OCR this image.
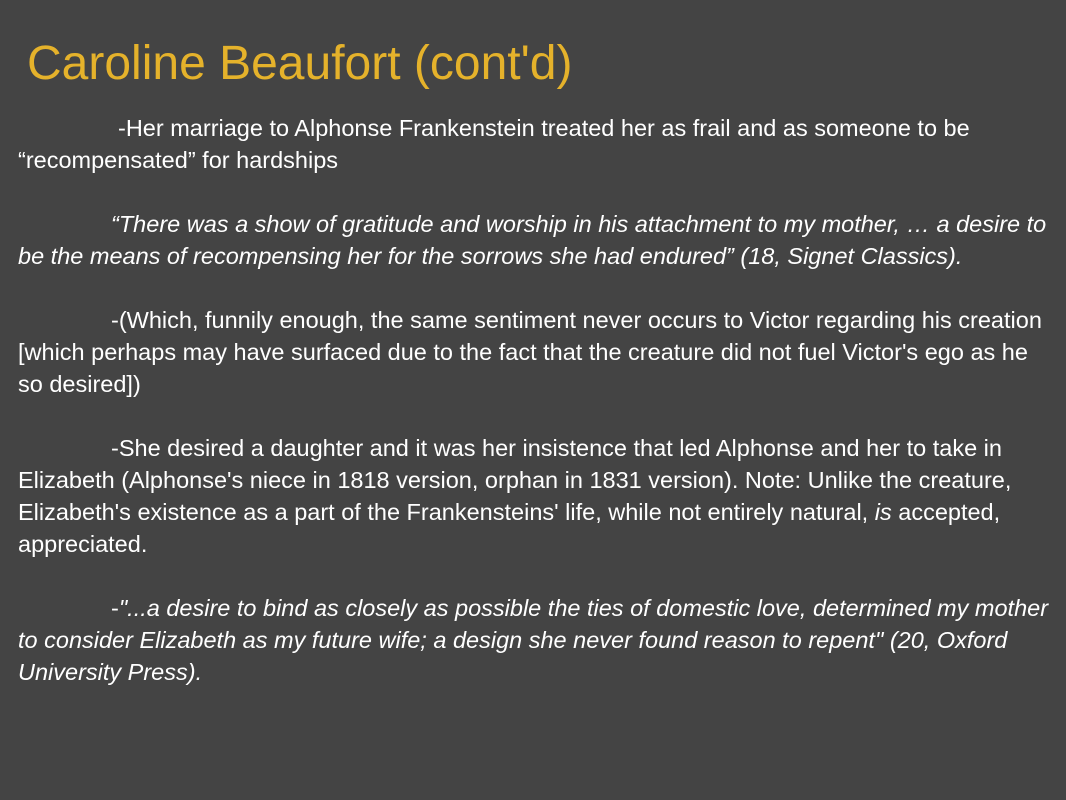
Caroline Beaufort (cont'd)

-Her marriage to Alphonse Frankenstein treated her as frail and as someone to be “recompensated” for hardships

“There was a show of gratitude and worship in his attachment to my mother, … a desire to be the means of recompensing her for the sorrows she had endured” (18, Signet Classics).

-(Which, funnily enough, the same sentiment never occurs to Victor regarding his creation [which perhaps may have surfaced due to the fact that the creature did not fuel Victor's ego as he so desired])

-She desired a daughter and it was her insistence that led Alphonse and her to take in Elizabeth (Alphonse's niece in 1818 version, orphan in 1831 version). Note: Unlike the creature, Elizabeth's existence as a part of the Frankensteins' life, while not entirely natural, is accepted, appreciated.

-"...a desire to bind as closely as possible the ties of domestic love, determined my mother to consider Elizabeth as my future wife; a design she never found reason to repent" (20, Oxford University Press).
